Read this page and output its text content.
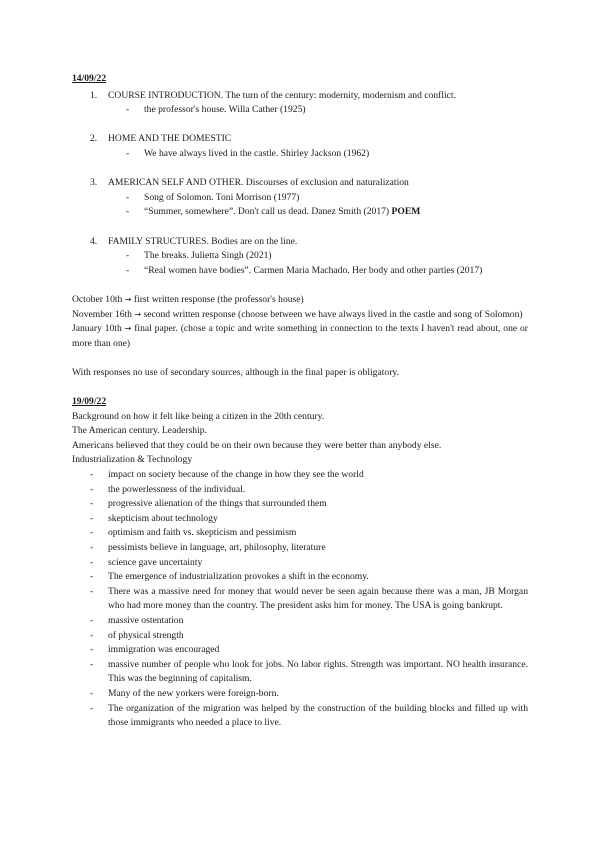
14/09/22
1. COURSE INTRODUCTION. The turn of the century: modernity, modernism and conflict.
- the professor's house. Willa Cather (1925)
2. HOME AND THE DOMESTIC
- We have always lived in the castle. Shirley Jackson (1962)
3. AMERICAN SELF AND OTHER. Discourses of exclusion and naturalization
- Song of Solomon. Toni Morrison (1977)
- “Summer, somewhere”. Don't call us dead. Danez Smith (2017) POEM
4. FAMILY STRUCTURES. Bodies are on the line.
- The breaks. Julietta Singh (2021)
- “Real women have bodies”. Carmen Maria Machado. Her body and other parties (2017)

October 10th → first written response (the professor's house)

November 16th → second written response (choose between we have always lived in the castle and song of Solomon)

January 10th → final paper. (chose a topic and write something in connection to the texts I haven't read about, one or more than one)

With responses no use of secondary sources, although in the final paper is obligatory.

19/09/22

Background on how it felt like being a citizen in the 20th century.

The American century. Leadership.

Americans believed that they could be on their own because they were better than anybody else.

Industrialization & Technology

- impact on society because of the change in how they see the world
- the powerlessness of the individual.
- progressive alienation of the things that surrounded them
- skepticism about technology
- optimism and faith vs. skepticism and pessimism
- pessimists believe in language, art, philosophy, literature
- science gave uncertainty
- The emergence of industrialization provokes a shift in the economy.
- There was a massive need for money that would never be seen again because there was a man, JB Morgan who had more money than the country. The president asks him for money. The USA is going bankrupt.
- massive ostentation
- of physical strength
- immigration was encouraged
- massive number of people who look for jobs. No labor rights. Strength was important. NO health insurance. This was the beginning of capitalism.
- Many of the new yorkers were foreign-born.
- The organization of the migration was helped by the construction of the building blocks and filled up with those immigrants who needed a place to live.
